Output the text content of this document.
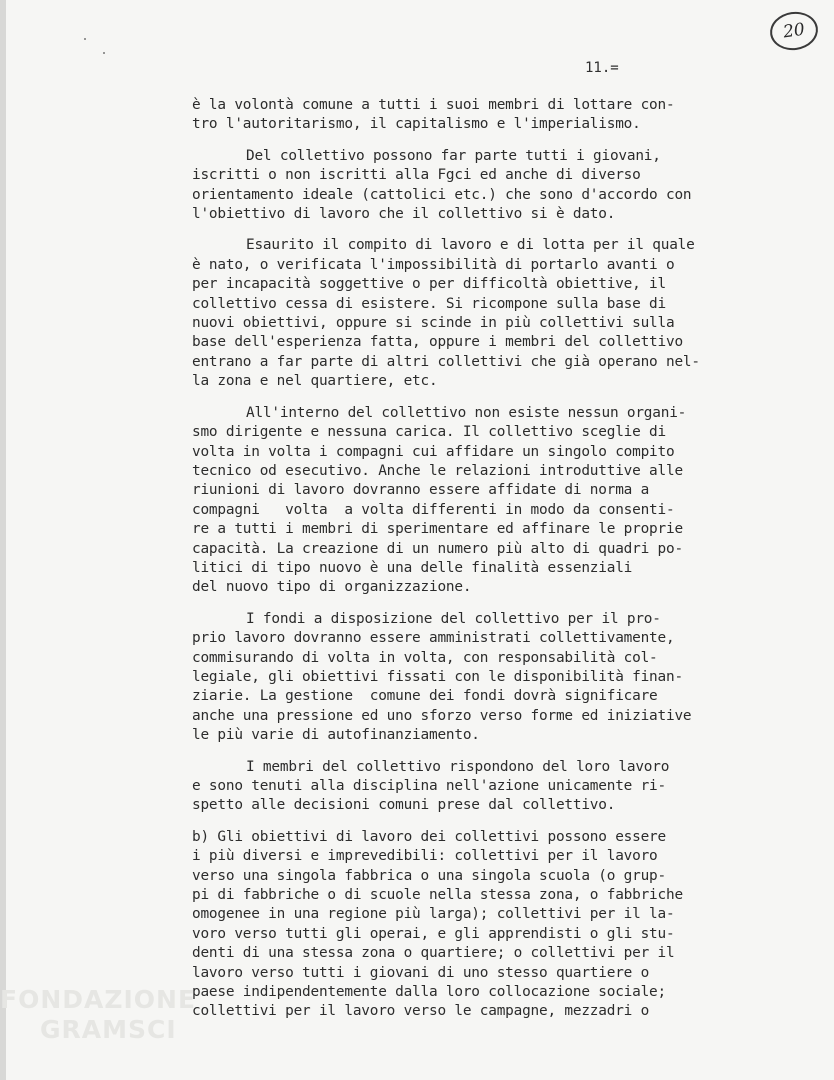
FONDAZIONE
GRAMSCI
20
11.=
è la volontà comune a tutti i suoi membri di lottare con-
tro l'autoritarismo, il capitalismo e l'imperialismo.
Del collettivo possono far parte tutti i giovani,
iscritti o non iscritti alla Fgci ed anche di diverso
orientamento ideale (cattolici etc.) che sono d'accordo con
l'obiettivo di lavoro che il collettivo si è dato.
Esaurito il compito di lavoro e di lotta per il quale
è nato, o verificata l'impossibilità di portarlo avanti o
per incapacità soggettive o per difficoltà obiettive, il
collettivo cessa di esistere. Si ricompone sulla base di
nuovi obiettivi, oppure si scinde in più collettivi sulla
base dell'esperienza fatta, oppure i membri del collettivo
entrano a far parte di altri collettivi che già operano nel-
la zona e nel quartiere, etc.
All'interno del collettivo non esiste nessun organi-
smo dirigente e nessuna carica. Il collettivo sceglie di
volta in volta i compagni cui affidare un singolo compito
tecnico od esecutivo. Anche le relazioni introduttive alle
riunioni di lavoro dovranno essere affidate di norma a
compagni   volta  a volta differenti in modo da consenti-
re a tutti i membri di sperimentare ed affinare le proprie
capacità. La creazione di un numero più alto di quadri po-
litici di tipo nuovo è una delle finalità essenziali
del nuovo tipo di organizzazione.
I fondi a disposizione del collettivo per il pro-
prio lavoro dovranno essere amministrati collettivamente,
commisurando di volta in volta, con responsabilità col-
legiale, gli obiettivi fissati con le disponibilità finan-
ziarie. La gestione  comune dei fondi dovrà significare
anche una pressione ed uno sforzo verso forme ed iniziative
le più varie di autofinanziamento.
I membri del collettivo rispondono del loro lavoro
e sono tenuti alla disciplina nell'azione unicamente ri-
spetto alle decisioni comuni prese dal collettivo.
b) Gli obiettivi di lavoro dei collettivi possono essere
i più diversi e imprevedibili: collettivi per il lavoro
verso una singola fabbrica o una singola scuola (o grup-
pi di fabbriche o di scuole nella stessa zona, o fabbriche
omogenee in una regione più larga); collettivi per il la-
voro verso tutti gli operai, e gli apprendisti o gli stu-
denti di una stessa zona o quartiere; o collettivi per il
lavoro verso tutti i giovani di uno stesso quartiere o
paese indipendentemente dalla loro collocazione sociale;
collettivi per il lavoro verso le campagne, mezzadri o
